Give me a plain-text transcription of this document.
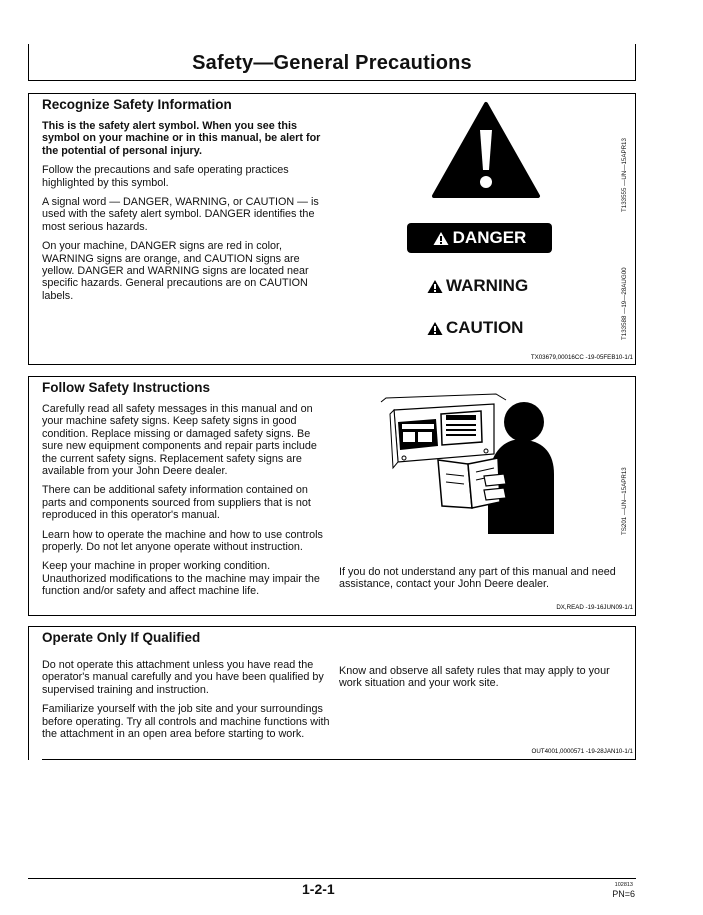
Safety—General Precautions
Recognize Safety Information

This is the safety alert symbol. When you see this symbol on your machine or in this manual, be alert for the potential of personal injury.

Follow the precautions and safe operating practices highlighted by this symbol.

A signal word — DANGER, WARNING, or CAUTION — is used with the safety alert symbol. DANGER identifies the most serious hazards.

On your machine, DANGER signs are red in color, WARNING signs are orange, and CAUTION signs are yellow. DANGER and WARNING signs are located near specific hazards. General precautions are on CAUTION labels.

T133555 —UN—15APR13
T133588 —19—28AUG00
DANGER
WARNING
CAUTION
TX03679,00016CC -19-05FEB10-1/1
Follow Safety Instructions

Carefully read all safety messages in this manual and on your machine safety signs. Keep safety signs in good condition. Replace missing or damaged safety signs. Be sure new equipment components and repair parts include the current safety signs. Replacement safety signs are available from your John Deere dealer.

There can be additional safety information contained on parts and components sourced from suppliers that is not reproduced in this operator's manual.

Learn how to operate the machine and how to use controls properly. Do not let anyone operate without instruction.

Keep your machine in proper working condition. Unauthorized modifications to the machine may impair the function and/or safety and affect machine life.

TS201 —UN—15APR13

If you do not understand any part of this manual and need assistance, contact your John Deere dealer.

DX,READ -19-16JUN09-1/1
Operate Only If Qualified

Do not operate this attachment unless you have read the operator's manual carefully and you have been qualified by supervised training and instruction.

Familiarize yourself with the job site and your surroundings before operating. Try all controls and machine functions with the attachment in an open area before starting to work.

Know and observe all safety rules that may apply to your work situation and your work site.

OUT4001,0000571 -19-28JAN10-1/1
1-2-1	102813
PN=6
